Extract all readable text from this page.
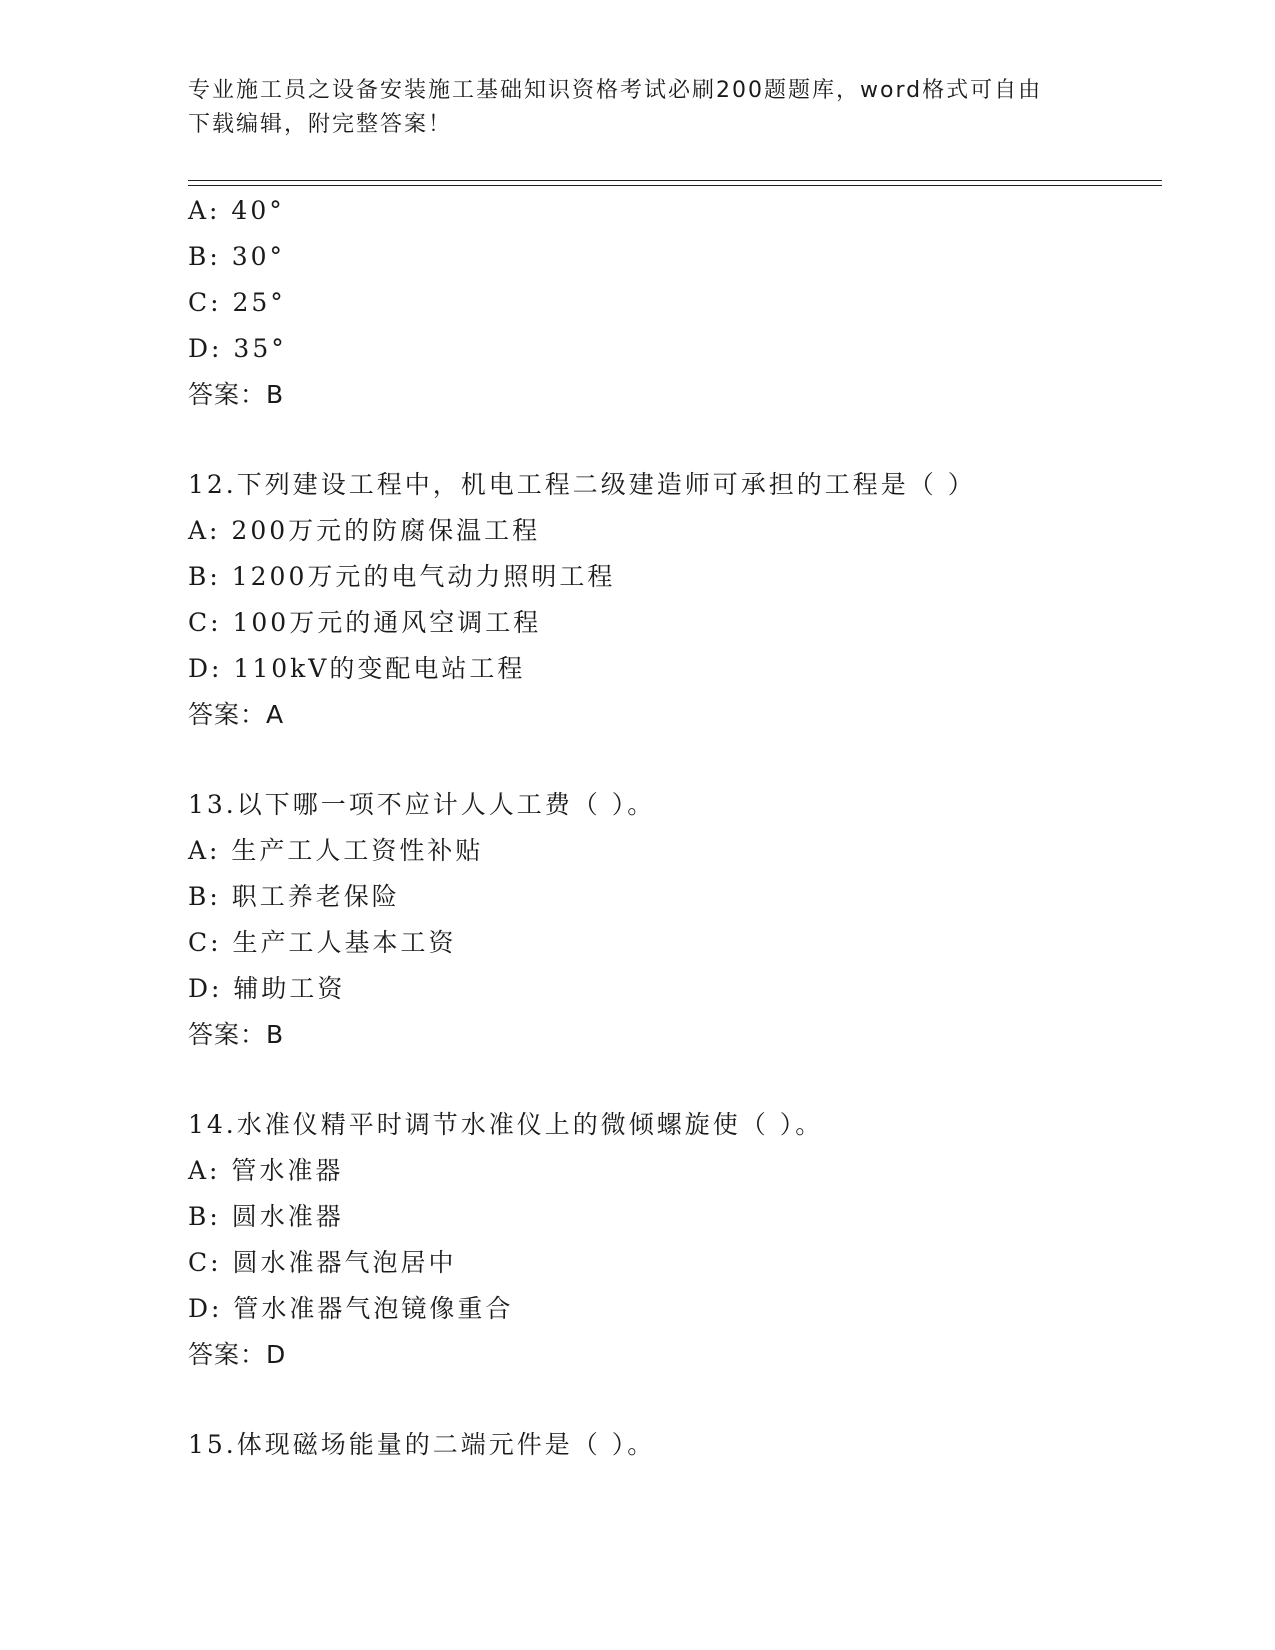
专业施工员之设备安装施工基础知识资格考试必刷200题题库，word格式可自由
下载编辑，附完整答案！
A: 40°
B: 30°
C: 25°
D: 35°
答案：B
12.下列建设工程中，机电工程二级建造师可承担的工程是（ ）
A: 200万元的防腐保温工程
B: 1200万元的电气动力照明工程
C: 100万元的通风空调工程
D: 110kV的变配电站工程
答案：A
13.以下哪一项不应计人人工费（ ）。
A: 生产工人工资性补贴
B: 职工养老保险
C: 生产工人基本工资
D: 辅助工资
答案：B
14.水准仪精平时调节水准仪上的微倾螺旋使（ ）。
A: 管水准器
B: 圆水准器
C: 圆水准器气泡居中
D: 管水准器气泡镜像重合
答案：D
15.体现磁场能量的二端元件是（ ）。
